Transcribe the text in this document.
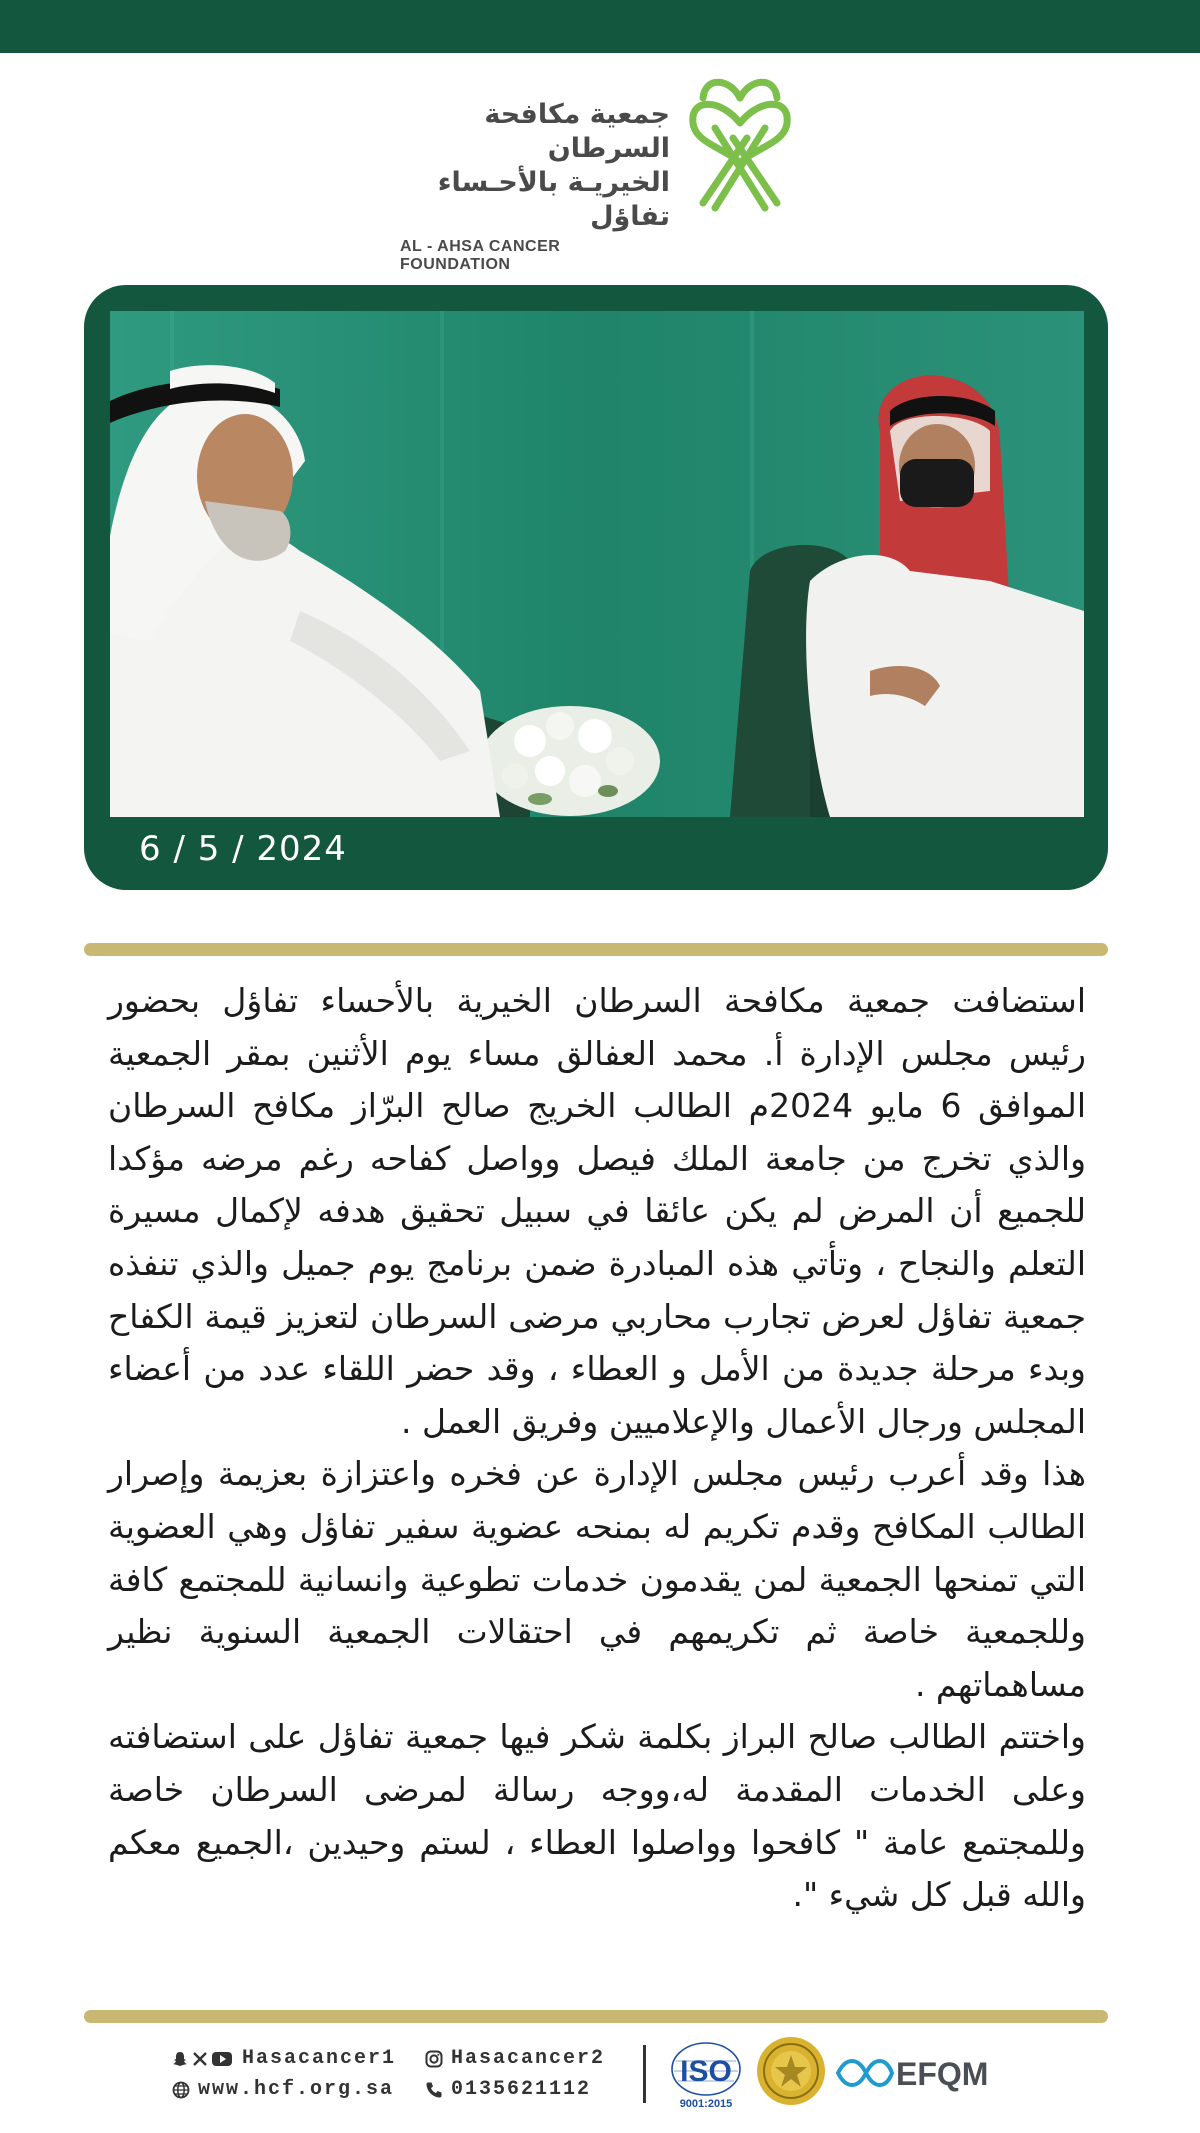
جمعية مكافحة السرطان
الخيريـة بالأحـساء تفاؤل
AL - AHSA CANCER FOUNDATION
6 / 5 / 2024

استضافت جمعية مكافحة السرطان الخيرية بالأحساء تفاؤل بحضور رئيس مجلس الإدارة أ. محمد العفالق مساء يوم الأثنين بمقر الجمعية الموافق 6 مايو 2024م الطالب الخريج صالح البرّاز مكافح السرطان والذي تخرج من جامعة الملك فيصل وواصل كفاحه رغم مرضه مؤكدا للجميع أن المرض لم يكن عائقا في سبيل تحقيق هدفه لإكمال مسيرة التعلم والنجاح ، وتأتي هذه المبادرة ضمن برنامج يوم جميل والذي تنفذه جمعية تفاؤل لعرض تجارب محاربي مرضى السرطان لتعزيز قيمة الكفاح وبدء مرحلة جديدة من الأمل و العطاء ، وقد حضر اللقاء عدد من أعضاء المجلس ورجال الأعمال والإعلاميين وفريق العمل .

هذا وقد أعرب رئيس مجلس الإدارة عن فخره واعتزازة بعزيمة وإصرار الطالب المكافح وقدم تكريم له بمنحه عضوية سفير تفاؤل وهي العضوية التي تمنحها الجمعية لمن يقدمون خدمات تطوعية وانسانية للمجتمع كافة وللجمعية خاصة ثم تكريمهم في احتقالات الجمعية السنوية نظير مساهماتهم .

واختتم الطالب صالح البراز بكلمة شكر فيها جمعية تفاؤل على استضافته وعلى الخدمات المقدمة له،ووجه رسالة لمرضى السرطان خاصة وللمجتمع عامة " كافحوا وواصلوا العطاء ، لستم وحيدين ،الجميع معكم والله قبل كل شيء ".

Hasacancer1	Hasacancer2
www.hcf.org.sa	0135621112
ISO
9001:2015
EFQM
